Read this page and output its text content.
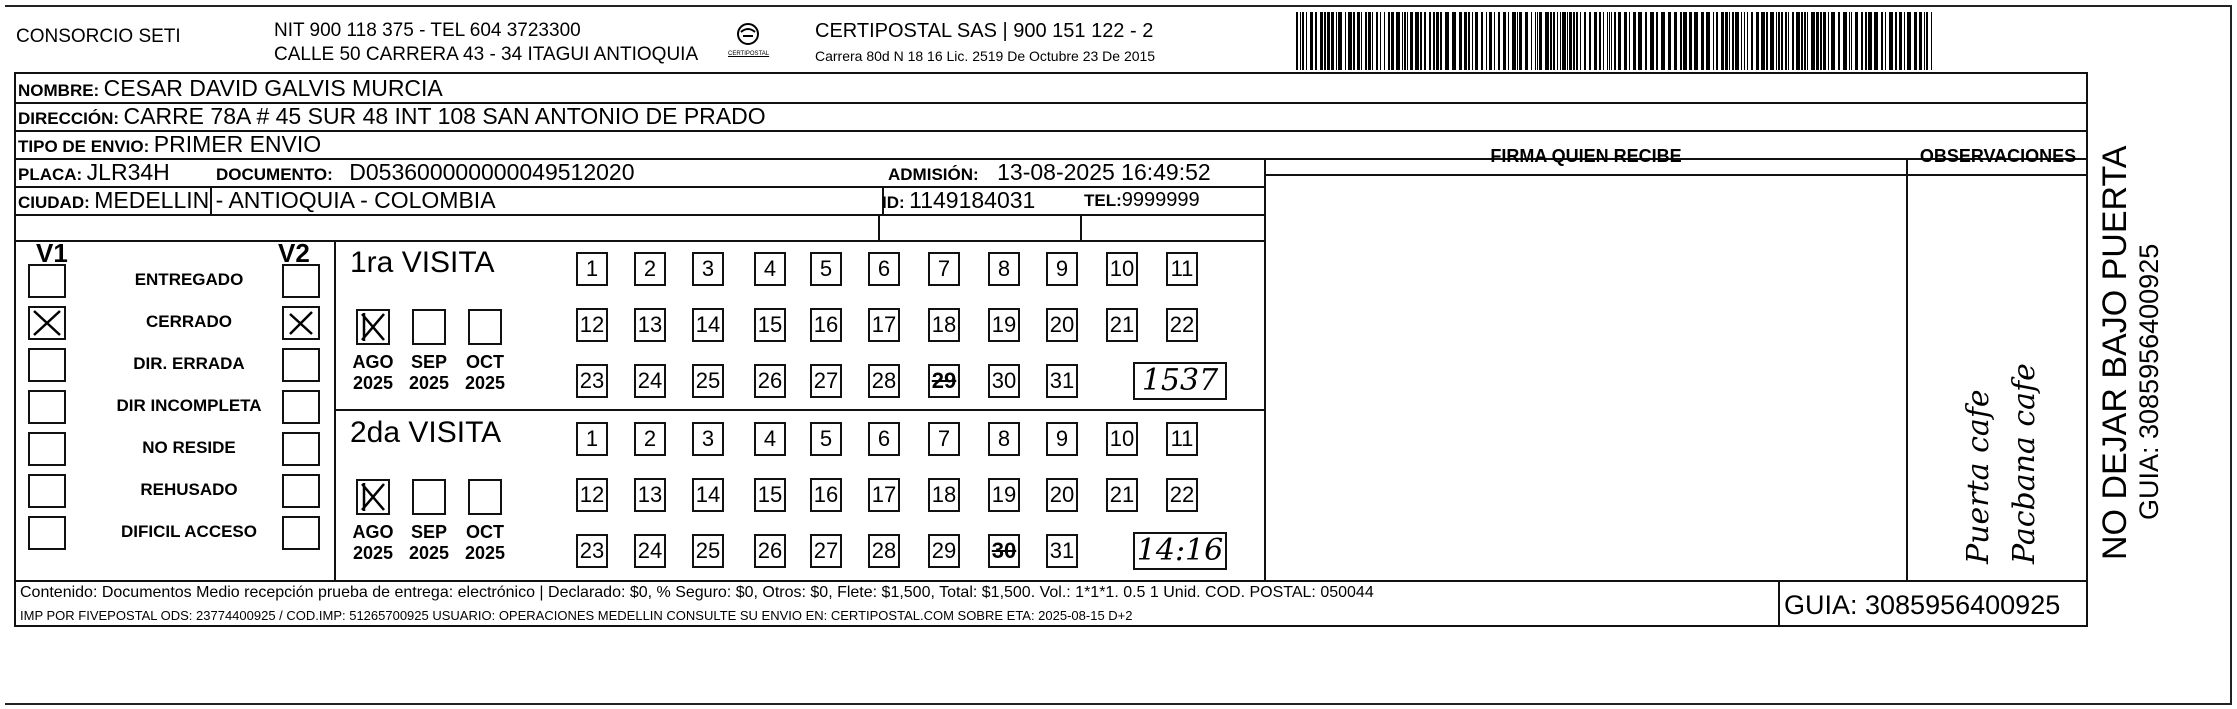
CONSORCIO SETI	NIT 900 118 375 - TEL 604 3723300
CALLE 50 CARRERA 43 - 34 ITAGUI ANTIOQUIA	CERTIPOSTAL
CERTIPOSTAL SAS | 900 151 122 - 2
Carrera 80d N 18 16 Lic. 2519 De Octubre 23 De 2015
NOMBRE: CESAR DAVID GALVIS MURCIA
DIRECCIÓN: CARRE 78A # 45 SUR 48 INT 108 SAN ANTONIO DE PRADO
TIPO DE ENVIO: PRIMER ENVIO	FIRMA QUIEN RECIBE	OBSERVACIONES
PLACA: JLR34H	DOCUMENTO: D053600000000049512020	ADMISIÓN: 13-08-2025 16:49:52
CIUDAD: MEDELLIN - ANTIOQUIA - COLOMBIA	ID: 1149184031	TEL:9999999
V1	V2
ENTREGADO
CERRADO
DIR. ERRADA
DIR INCOMPLETA
NO RESIDE
REHUSADO
DIFICIL ACCESO
1ra VISITA
2da VISITA
AGO
2025
SEP
2025
OCT
2025
AGO
2025
SEP
2025
OCT
2025
1	2	3	4	5	6	7	8	9	10 11
12 13 14 15 16 17 18 19 20 21 22
23 24 25 26 27 28 29 30 31
1	2	3	4	5	6	7	8	9	10 11
12 13 14 15 16 17 18 19 20 21 22
23 24 25 26 27 28 29 30 31
1537
14:16	Puerta cafe Pacbana cafe
Contenido: Documentos Medio recepción prueba de entrega: electrónico | Declarado: $0, % Seguro: $0, Otros: $0, Flete: $1,500, Total: $1,500. Vol.: 1*1*1. 0.5 1 Unid. COD. POSTAL: 050044
IMP POR FIVEPOSTAL ODS: 23774400925 / COD.IMP: 51265700925 USUARIO: OPERACIONES MEDELLIN CONSULTE SU ENVIO EN: CERTIPOSTAL.COM SOBRE ETA: 2025-08-15 D+2	GUIA: 3085956400925
NO DEJAR BAJO PUERTA GUIA: 3085956400925
